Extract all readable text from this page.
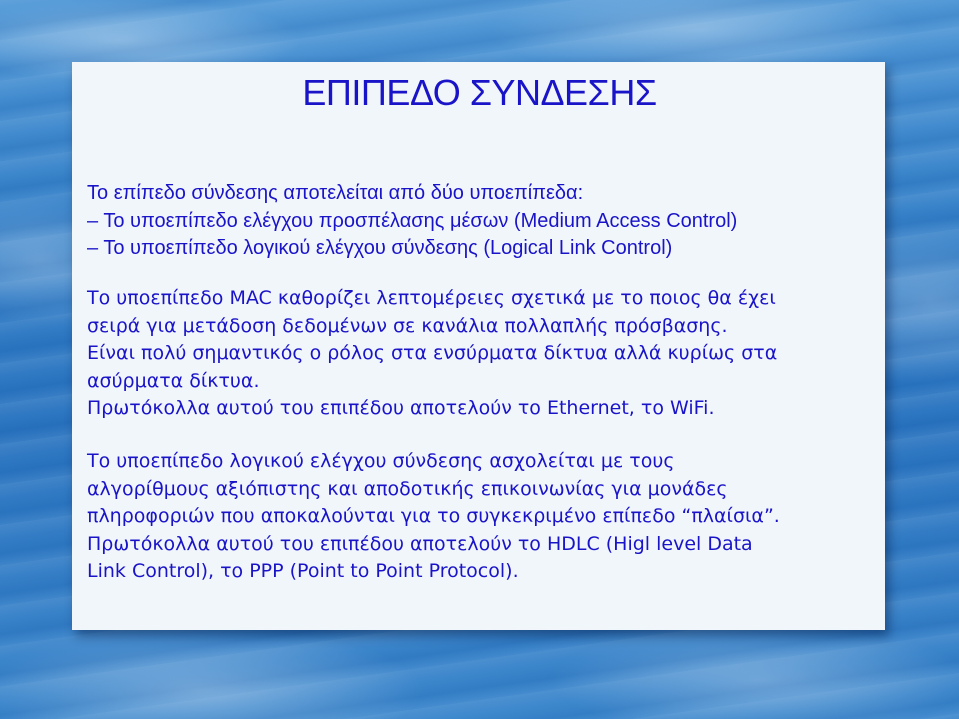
ΕΠΙΠΕΔΟ ΣΥΝΔΕΣΗΣ
Το επίπεδο σύνδεσης αποτελείται από δύο υποεπίπεδα:
– Το υποεπίπεδο ελέγχου προσπέλασης μέσων (Medium Access Control)
– Το υποεπίπεδο λογικού ελέγχου σύνδεσης (Logical Link Control)
Το υποεπίπεδο MAC καθορίζει λεπτομέρειες σχετικά με το ποιος θα έχει
σειρά για μετάδοση δεδομένων σε κανάλια πολλαπλής πρόσβασης.
Είναι πολύ σημαντικός ο ρόλος στα ενσύρματα δίκτυα αλλά κυρίως στα
ασύρματα δίκτυα.
Πρωτόκολλα αυτού του επιπέδου αποτελούν το Ethernet, το WiFi.
Το υποεπίπεδο λογικού ελέγχου σύνδεσης ασχολείται με τους
αλγορίθμους αξιόπιστης και αποδοτικής επικοινωνίας για μονάδες
πληροφοριών που αποκαλούνται για το συγκεκριμένο επίπεδο “πλαίσια”.
Πρωτόκολλα αυτού του επιπέδου αποτελούν το HDLC (Higl level Data
Link Control), το PPP (Point to Point Protocol).
